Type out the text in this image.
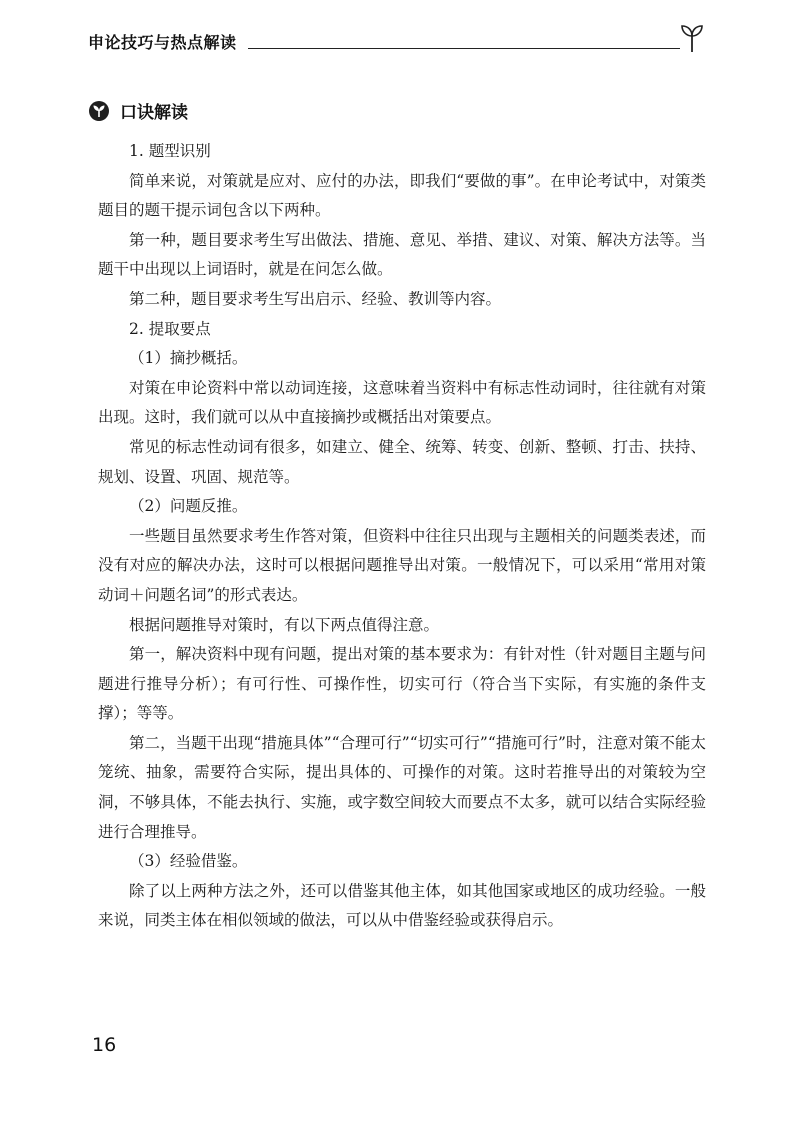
申论技巧与热点解读
口诀解读

1. 题型识别

简单来说，对策就是应对、应付的办法，即我们“要做的事”。在申论考试中，对策类题目的题干提示词包含以下两种。

第一种，题目要求考生写出做法、措施、意见、举措、建议、对策、解决方法等。当题干中出现以上词语时，就是在问怎么做。

第二种，题目要求考生写出启示、经验、教训等内容。

2. 提取要点

（1）摘抄概括。

对策在申论资料中常以动词连接，这意味着当资料中有标志性动词时，往往就有对策出现。这时，我们就可以从中直接摘抄或概括出对策要点。

常见的标志性动词有很多，如建立、健全、统筹、转变、创新、整顿、打击、扶持、规划、设置、巩固、规范等。

（2）问题反推。

一些题目虽然要求考生作答对策，但资料中往往只出现与主题相关的问题类表述，而没有对应的解决办法，这时可以根据问题推导出对策。一般情况下，可以采用“常用对策动词＋问题名词”的形式表达。

根据问题推导对策时，有以下两点值得注意。

第一，解决资料中现有问题，提出对策的基本要求为：有针对性（针对题目主题与问题进行推导分析）；有可行性、可操作性，切实可行（符合当下实际，有实施的条件支撑）；等等。

第二，当题干出现“措施具体”“合理可行”“切实可行”“措施可行”时，注意对策不能太笼统、抽象，需要符合实际，提出具体的、可操作的对策。这时若推导出的对策较为空洞，不够具体，不能去执行、实施，或字数空间较大而要点不太多，就可以结合实际经验进行合理推导。

（3）经验借鉴。

除了以上两种方法之外，还可以借鉴其他主体，如其他国家或地区的成功经验。一般来说，同类主体在相似领域的做法，可以从中借鉴经验或获得启示。

16
